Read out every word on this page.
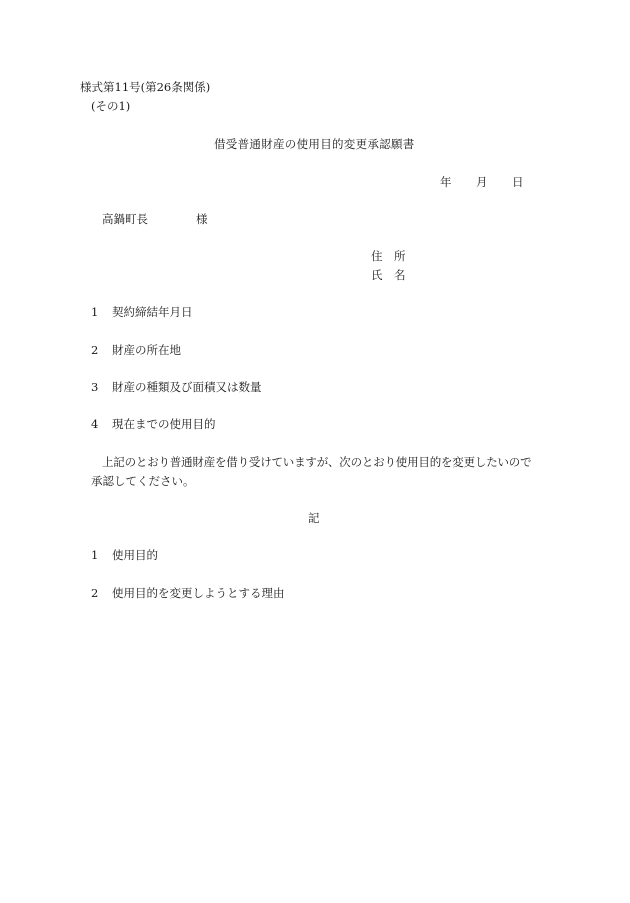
様式第11号(第26条関係)
(その1)
借受普通財産の使用目的変更承認願書
年 月 日
高鍋町長	様
住　所
氏　名
1 契約締結年月日
2 財産の所在地
3 財産の種類及び面積又は数量
4 現在までの使用目的
上記のとおり普通財産を借り受けていますが、次のとおり使用目的を変更したいので
承認してください。
記
1 使用目的
2 使用目的を変更しようとする理由
